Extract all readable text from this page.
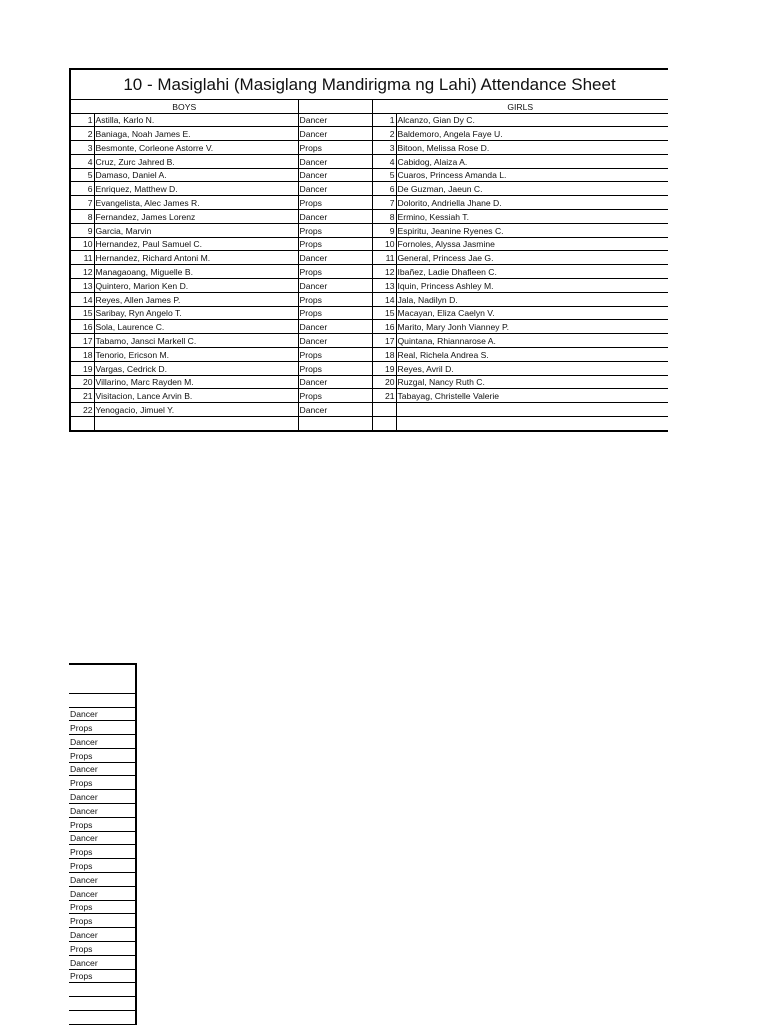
10 - Masiglahi (Masiglang Mandirigma ng Lahi) Attendance Sheet				
BOYS			GIRLS	
1	Astilla, Karlo N.	Dancer	1	Alcanzo, Gian Dy C.
2	Baniaga, Noah James E.	Dancer	2	Baldemoro, Angela Faye U.
3	Besmonte, Corleone Astorre V.	Props	3	Bitoon, Melissa Rose D.
4	Cruz, Zurc Jahred B.	Dancer	4	Cabidog, Alaiza A.
5	Damaso, Daniel A.	Dancer	5	Cuaros, Princess Amanda L.
6	Enriquez, Matthew D.	Dancer	6	De Guzman, Jaeun C.
7	Evangelista, Alec James R.	Props	7	Dolorito, Andriella Jhane D.
8	Fernandez, James Lorenz	Dancer	8	Ermino, Kessiah T.
9	Garcia, Marvin	Props	9	Espiritu, Jeanine Ryenes C.
10	Hernandez, Paul Samuel C.	Props	10	Fornoles, Alyssa Jasmine
11	Hernandez, Richard Antoni M.	Dancer	11	General, Princess Jae G.
12	Managaoang, Miguelle B.	Props	12	Ibañez, Ladie Dhafleen C.
13	Quintero, Marion Ken D.	Dancer	13	Iquin, Princess Ashley M.
14	Reyes, Allen James P.	Props	14	Jala, Nadilyn D.
15	Saribay, Ryn Angelo T.	Props	15	Macayan, Eliza Caelyn V.
16	Sola, Laurence C.	Dancer	16	Marito, Mary Jonh Vianney P.
17	Tabamo, Jansci Markell C.	Dancer	17	Quintana, Rhiannarose A.
18	Tenorio, Ericson M.	Props	18	Real, Richela Andrea S.
19	Vargas, Cedrick D.	Props	19	Reyes, Avril D.
20	Villarino, Marc Rayden M.	Dancer	20	Ruzgal, Nancy Ruth C.
21	Visitacion, Lance Arvin B.	Props	21	Tabayag, Christelle Valerie
22	Yenogacio, Jimuel Y.	Dancer		

Dancer
Props
Dancer
Props
Dancer
Props
Dancer
Dancer
Props
Dancer
Props
Props
Dancer
Dancer
Props
Props
Dancer
Props
Dancer
Props
